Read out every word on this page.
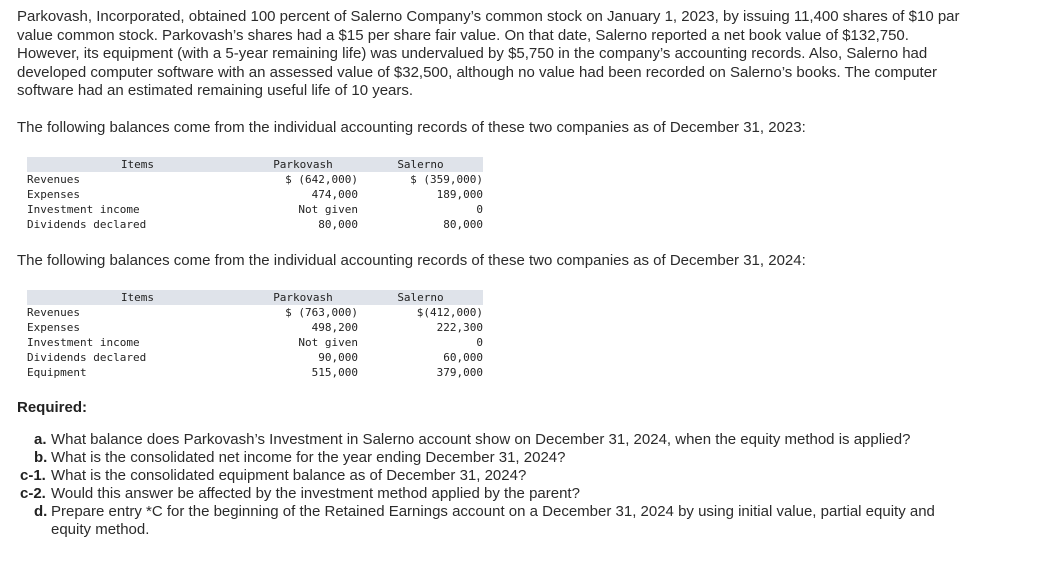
Parkovash, Incorporated, obtained 100 percent of Salerno Company’s common stock on January 1, 2023, by issuing 11,400 shares of $10 par value common stock. Parkovash’s shares had a $15 per share fair value. On that date, Salerno reported a net book value of $132,750. However, its equipment (with a 5-year remaining life) was undervalued by $5,750 in the company’s accounting records. Also, Salerno had developed computer software with an assessed value of $32,500, although no value had been recorded on Salerno’s books. The computer software had an estimated remaining useful life of 10 years.

The following balances come from the individual accounting records of these two companies as of December 31, 2023:

Items	Parkovash	Salerno
Revenues	$ (642,000)	$ (359,000)
Expenses	474,000	189,000
Investment income	Not given	0
Dividends declared	80,000	80,000

The following balances come from the individual accounting records of these two companies as of December 31, 2024:

Items	Parkovash	Salerno
Revenues	$ (763,000)	$(412,000)
Expenses	498,200	222,300
Investment income	Not given	0
Dividends declared	90,000	60,000
Equipment	515,000	379,000

Required:

a. What balance does Parkovash’s Investment in Salerno account show on December 31, 2024, when the equity method is applied?
b. What is the consolidated net income for the year ending December 31, 2024?
c-1. What is the consolidated equipment balance as of December 31, 2024?
c-2. Would this answer be affected by the investment method applied by the parent?
d. Prepare entry *C for the beginning of the Retained Earnings account on a December 31, 2024 by using initial value, partial equity and equity method.
